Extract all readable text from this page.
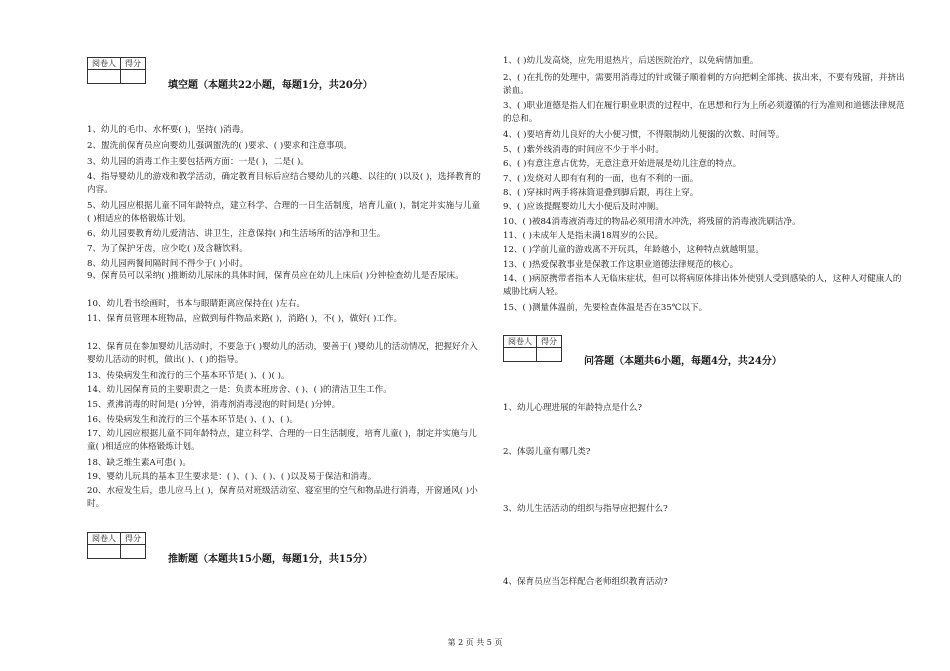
阅卷人	得分

填空题（本题共22小题，每题1分，共20分）
1、幼儿的毛巾、水杯要( )，坚持( )消毒。
2、盥洗前保育员应向婴幼儿强调盥洗的( )要求、( )要求和注意事项。
3、幼儿园的消毒工作主要包括两方面：一是( )，二是( )。
4、指导婴幼儿的游戏和教学活动，确定教育目标后应结合婴幼儿的兴趣、以往的( )以及( )，选择教育的内容。
5、幼儿园应根据儿童不同年龄特点，建立科学、合理的一日生活制度，培育儿童( )，制定并实施与儿童( )相适应的体格锻炼计划。
6、幼儿园要教育幼儿爱清洁、讲卫生，注意保持( )和生活场所的洁净和卫生。
7、为了保护牙齿，应少吃( )及含糖饮料。
8、幼儿园两餐间隔时间不得少于( )小时。
9、保育员可以采纳( )推断幼儿尿床的具体时间，保育员应在幼儿上床后( )分钟检查幼儿是否尿床。
10、幼儿看书绘画时，书本与眼睛距离应保持在( )左右。
11、保育员管理本班物品，应做到每件物品来路( )，消路( )，不( )，做好( )工作。
12、保育员在参加婴幼儿活动时，不要急于( )婴幼儿的活动，要善于( )婴幼儿的活动情况，把握好介入婴幼儿活动的时机，做出( )、( )的指导。
13、传染病发生和流行的三个基本环节是( )、( )( )。
14、幼儿园保育员的主要职责之一是：负责本班房舍、( )、( )的清洁卫生工作。
15、煮沸消毒的时间是( )分钟，消毒剂消毒浸泡的时间是( )分钟。
16、传染病发生和流行的三个基本环节是( )、( )、( )。
17、幼儿园应根据儿童不同年龄特点，建立科学、合理的一日生活制度，培育儿童( )，制定并实施与儿童( )相适应的体格锻炼计划。
18、缺乏维生素A可患( )。
19、婴幼儿玩具的基本卫生要求是：( )、( )、( )、( )以及易于保洁和消毒。
20、水痘发生后，患儿应马上( )，保育员对班级活动室、寝室里的空气和物品进行消毒，开窗通风( )小时。
阅卷人	得分

推断题（本题共15小题，每题1分，共15分）
1、( )幼儿发高烧，应先用退热片，后送医院治疗，以免病情加重。
2、( )在扎伤的处理中，需要用消毒过的针或镊子顺着刺的方向把刺全部挑、拔出来，不要有残留，并挤出淤血。
3、( )职业道德是指人们在履行职业职责的过程中，在思想和行为上所必须遵循的行为准则和道德法律规范的总和。
4、( )要培育幼儿良好的大小便习惯，不得限制幼儿便溺的次数、时间等。
5、( )紫外线消毒的时间应不少于半小时。
6、( )有意注意占优势，无意注意开始进展是幼儿注意的特点。
7、( )发烧对人即有有利的一面，也有不利的一面。
8、( )穿袜时两手将袜筒退叠到脚后跟，再往上穿。
9、( )应该提醒婴幼儿大小便后及时冲厕。
10、( )被84消毒液消毒过的物品必须用清水冲洗，将残留的消毒液洗刷洁净。
11、( )未成年人是指未满18周岁的公民。
12、( )学前儿童的游戏离不开玩具，年龄越小，这种特点就越明显。
13、( )热爱保教事业是保教工作这职业道德法律规范的核心。
14、( )病原携带者指本人无临床症状，但可以将病原体排出体外使别人受到感染的人，这种人对健康人的威胁比病人轻。
15、( )测量体温前，先要检查体温是否在35℃以下。
阅卷人	得分

问答题（本题共6小题，每题4分，共24分）
1、幼儿心理进展的年龄特点是什么?
2、体弱儿童有哪几类?
3、幼儿生活活动的组织与指导应把握什么?
4、保育员应当怎样配合老师组织教育活动?
第 2 页 共 5 页
